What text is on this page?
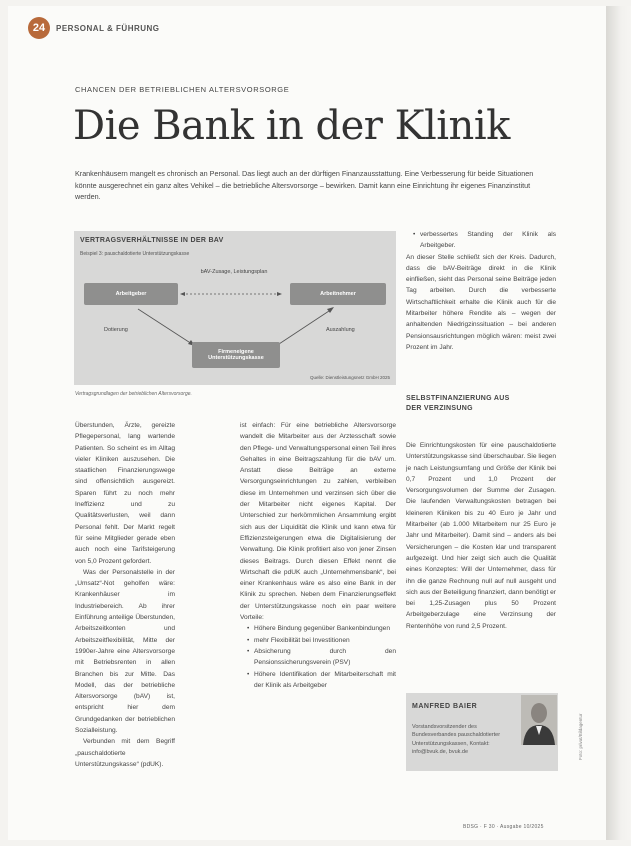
24	PERSONAL & FÜHRUNG
CHANCEN DER BETRIEBLICHEN ALTERSVORSORGE
Die Bank in der Klinik
Krankenhäusern mangelt es chronisch an Personal. Das liegt auch an der dürftigen Finanzausstattung. Eine Verbesserung für beide Situationen könnte ausgerechnet ein ganz altes Vehikel – die betriebliche Altersvorsorge – bewirken. Damit kann eine Einrichtung ihr eigenes Finanzinstitut werden.
VERTRAGSVERHÄLTNISSE IN DER BAV
Beispiel 3: pauschaldotierte Unterstützungskasse
Arbeitgeber	Arbeitnehmer
Firmeneigene Unterstützungskasse
bAV-Zusage, Leistungsplan
Dotierung	Auszahlung
Quelle: Dienstleistungsnetz GmbH 2025
Vertragsgrundlagen der betrieblichen Altersvorsorge.

Überstunden, Ärzte, gereizte Pflegepersonal, lang wartende Patienten. So scheint es im Alltag vieler Kliniken auszusehen. Die staatlichen Finanzierungswege sind offensichtlich ausgereizt. Sparen führt zu noch mehr Ineffizienz und zu Qualitätsverlusten, weil dann Personal fehlt. Der Markt regelt für seine Mitglieder gerade eben auch noch eine Tarifsteigerung von 5,0 Prozent gefordert.

Was der Personalstelle in der „Umsatz“-Not geholfen wäre: Krankenhäuser im Industriebereich. Ab ihrer Einführung anteilige Überstunden, Arbeitszeitkonten und Arbeitszeitflexibilität, Mitte der 1990er-Jahre eine Altersvorsorge mit Betriebsrenten in allen Branchen bis zur Mitte. Das Modell, das der betriebliche Altersvorsorge (bAV) ist, entspricht hier dem Grundgedanken der betrieblichen Sozialleistung.

Verbunden mit dem Begriff „pauschaldotierte Unterstützungskasse“ (pdUK).

ist einfach: Für eine betriebliche Altersvorsorge wandelt die Mitarbeiter aus der Arztesschaft sowie den Pflege- und Verwaltungspersonal einen Teil ihres Gehaltes in eine Beitragszahlung für die bAV um. Anstatt diese Beiträge an externe Versorgungseinrichtungen zu zahlen, verbleiben diese im Unternehmen und verzinsen sich über die der Mitarbeiter nicht eigenes Kapital. Der Unterschied zur herkömmlichen Ansammlung ergibt sich aus der Liquidität die Klinik und kann etwa für Effizienzsteigerungen etwa die Digitalisierung der Verwaltung. Die Klinik profitiert also von jener Zinsen dieses Beitrags. Durch diesen Effekt nennt die Wirtschaft die pdUK auch „Unternehmensbank“, bei einer Krankenhaus wäre es also eine Bank in der Klinik zu sprechen. Neben dem Finanzierungseffekt der Unterstützungskasse noch ein paar weitere Vorteile:

• Höhere Bindung gegenüber Bankenbindungen
• mehr Flexibilität bei Investitionen
• Absicherung durch den Pensionssicherungsverein (PSV)
• Höhere Identifikation der Mitarbeiterschaft mit der Klinik als Arbeitgeber
• verbessertes Standing der Klinik als Arbeitgeber.

An dieser Stelle schließt sich der Kreis. Dadurch, dass die bAV-Beiträge direkt in die Klinik einfließen, sieht das Personal seine Beiträge jeden Tag arbeiten. Durch die verbesserte Wirtschaftlichkeit erhalte die Klinik auch für die Mitarbeiter höhere Rendite als – wegen der anhaltenden Niedrigzinssituation – bei anderen Pensionsausrichtungen möglich wären: meist zwei Prozent im Jahr.

SELBSTFINANZIERUNG AUS
DER VERZINSUNG

Die Einrichtungskosten für eine pauschaldotierte Unterstützungskasse sind überschaubar. Sie liegen je nach Leistungsumfang und Größe der Klinik bei 0,7 Prozent und 1,0 Prozent der Versorgungsvolumen der Summe der Zusagen. Die laufenden Verwaltungskosten betragen bei kleineren Kliniken bis zu 40 Euro je Jahr und Mitarbeiter (ab 1.000 Mitarbeitern nur 25 Euro je Jahr und Mitarbeiter). Damit sind – anders als bei Versicherungen – die Kosten klar und transparent aufgezeigt. Und hier zeigt sich auch die Qualität eines Konzeptes: Will der Unternehmer, dass für ihn die ganze Rechnung null auf null ausgeht und sich aus der Beteiligung finanziert, dann benötigt er bei 1,25-Zusagen plus 50 Prozent Arbeitgeberzulage eine Verzinsung der Rentenhöhe von rund 2,5 Prozent.

MANFRED BAIER
Vorstandsvorsitzender des Bundesverbandes pauschaldotierter Unterstützungskassen, Kontakt: info@bvuk.de, bvuk.de	Foto: privat/Bildagentur
BDSG · F 30 · Ausgabe 10/2025
